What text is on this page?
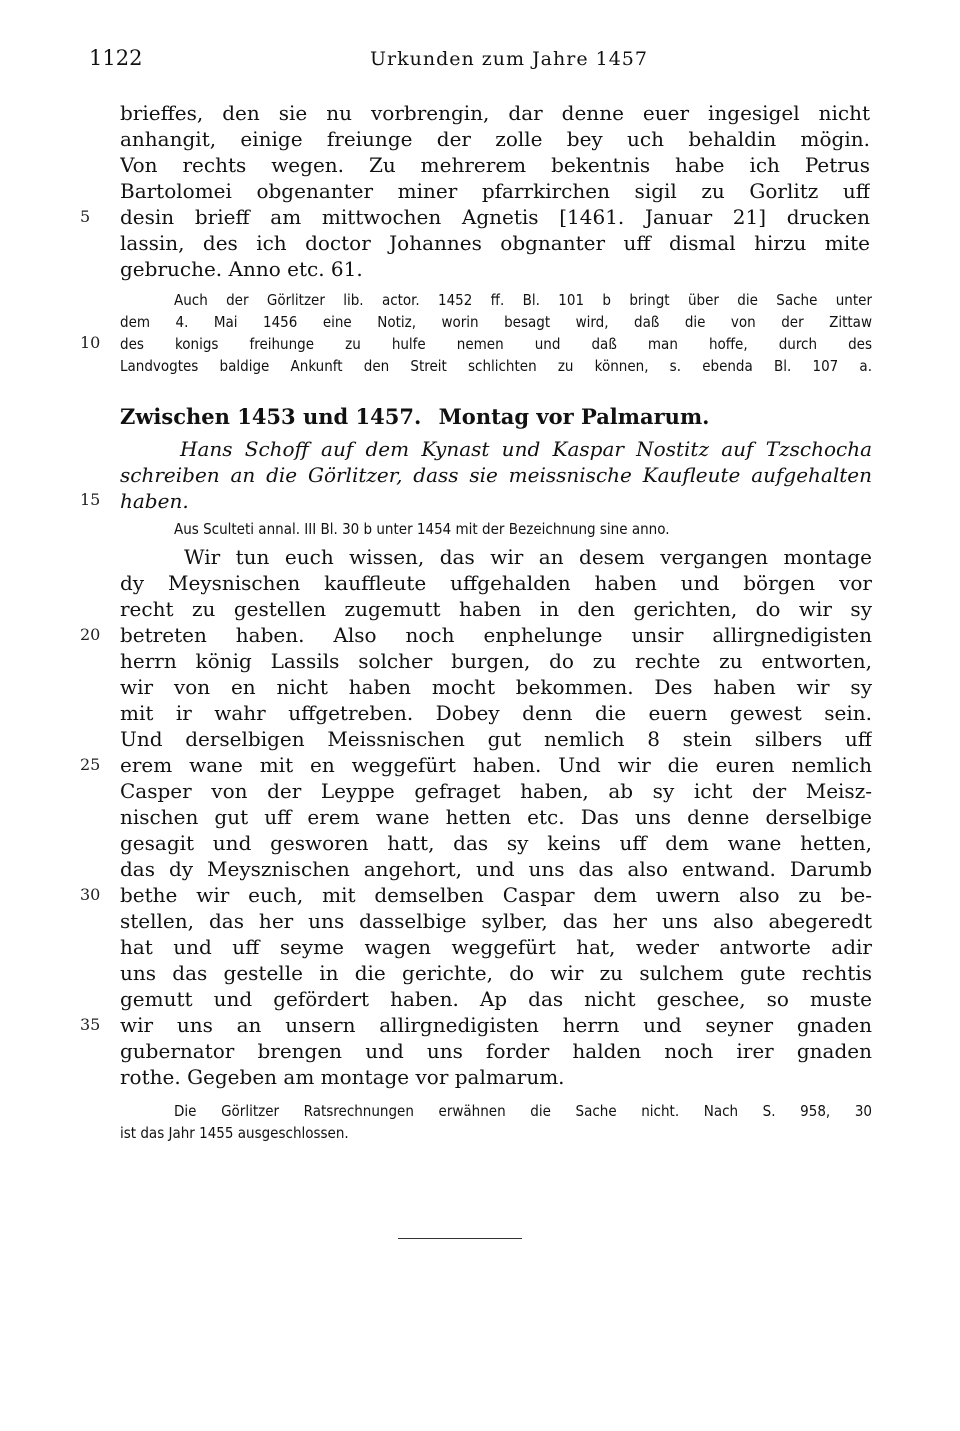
1122	Urkunden zum Jahre 1457
5
10
15
20
25
30
35
brieffes, den sie nu vorbrengin, dar denne euer ingesigel nicht
anhangit, einige freiunge der zolle bey uch behaldin mögin.
Von rechts wegen. Zu mehrerem bekentnis habe ich Petrus
Bartolomei obgenanter miner pfarrkirchen sigil zu Gorlitz uff
desin brieff am mittwochen Agnetis [1461. Januar 21] drucken
lassin, des ich doctor Johannes obgnanter uff dismal hirzu mite
gebruche. Anno etc. 61.
Auch der Görlitzer lib. actor. 1452 ff. Bl. 101 b bringt über die Sache unter
dem 4. Mai 1456 eine Notiz, worin besagt wird, daß die von der Zittaw
des konigs freihunge zu hulfe nemen und daß man hoffe, durch des
Landvogtes baldige Ankunft den Streit schlichten zu können, s. ebenda Bl. 107 a.
Zwischen 1453 und 1457. Montag vor Palmarum.
Hans Schoff auf dem Kynast und Kaspar Nostitz auf Tzschocha
schreiben an die Görlitzer, dass sie meissnische Kaufleute aufgehalten
haben.
Aus Sculteti annal. III Bl. 30 b unter 1454 mit der Bezeichnung sine anno.
Wir tun euch wissen, das wir an desem vergangen montage
dy Meysnischen kauffleute uffgehalden haben und börgen vor
recht zu gestellen zugemutt haben in den gerichten, do wir sy
betreten haben. Also noch enphelunge unsir allirgnedigisten
herrn könig Lassils solcher burgen, do zu rechte zu entworten,
wir von en nicht haben mocht bekommen. Des haben wir sy
mit ir wahr uffgetreben. Dobey denn die euern gewest sein.
Und derselbigen Meissnischen gut nemlich 8 stein silbers uff
erem wane mit en weggefürt haben. Und wir die euren nemlich
Casper von der Leyppe gefraget haben, ab sy icht der Meisz-
nischen gut uff erem wane hetten etc. Das uns denne derselbige
gesagit und gesworen hatt, das sy keins uff dem wane hetten,
das dy Meysznischen angehort, und uns das also entwand. Darumb
bethe wir euch, mit demselben Caspar dem uwern also zu be-
stellen, das her uns dasselbige sylber, das her uns also abegeredt
hat und uff seyme wagen weggefürt hat, weder antworte adir
uns das gestelle in die gerichte, do wir zu sulchem gute rechtis
gemutt und gefördert haben. Ap das nicht geschee, so muste
wir uns an unsern allirgnedigisten herrn und seyner gnaden
gubernator brengen und uns forder halden noch irer gnaden
rothe. Gegeben am montage vor palmarum.
Die Görlitzer Ratsrechnungen erwähnen die Sache nicht. Nach S. 958, 30
ist das Jahr 1455 ausgeschlossen.
